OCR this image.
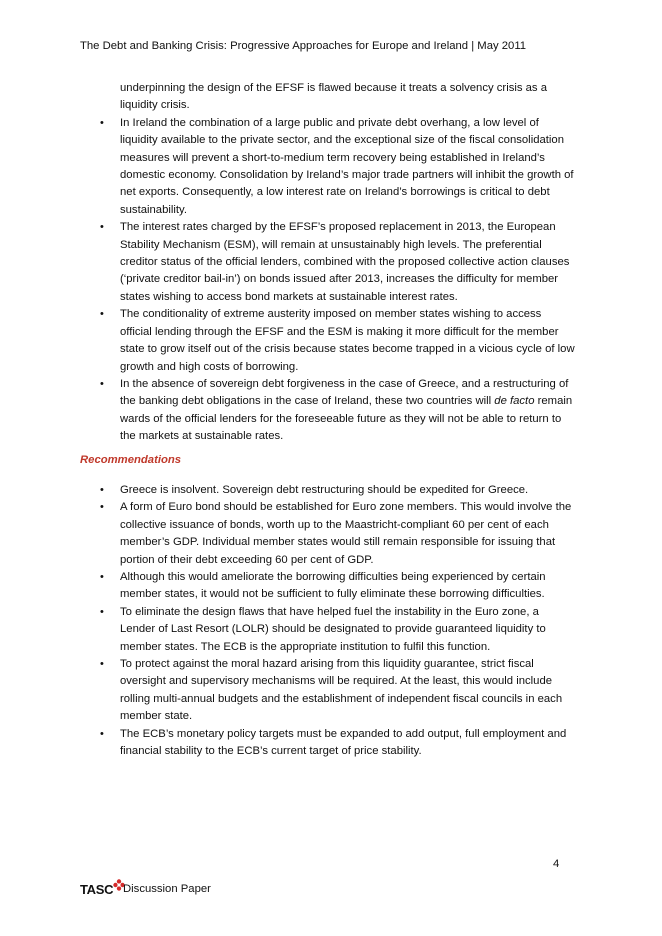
The Debt and Banking Crisis: Progressive Approaches for Europe and Ireland | May 2011
underpinning the design of the EFSF is flawed because it treats a solvency crisis as a liquidity crisis.
• In Ireland the combination of a large public and private debt overhang, a low level of liquidity available to the private sector, and the exceptional size of the fiscal consolidation measures will prevent a short-to-medium term recovery being established in Ireland’s domestic economy. Consolidation by Ireland’s major trade partners will inhibit the growth of net exports. Consequently, a low interest rate on Ireland’s borrowings is critical to debt sustainability.
• The interest rates charged by the EFSF’s proposed replacement in 2013, the European Stability Mechanism (ESM), will remain at unsustainably high levels. The preferential creditor status of the official lenders, combined with the proposed collective action clauses (‘private creditor bail-in’) on bonds issued after 2013, increases the difficulty for member states wishing to access bond markets at sustainable interest rates.
• The conditionality of extreme austerity imposed on member states wishing to access official lending through the EFSF and the ESM is making it more difficult for the member state to grow itself out of the crisis because states become trapped in a vicious cycle of low growth and high costs of borrowing.
• In the absence of sovereign debt forgiveness in the case of Greece, and a restructuring of the banking debt obligations in the case of Ireland, these two countries will de facto remain wards of the official lenders for the foreseeable future as they will not be able to return to the markets at sustainable rates.
Recommendations
• Greece is insolvent. Sovereign debt restructuring should be expedited for Greece.
• A form of Euro bond should be established for Euro zone members. This would involve the collective issuance of bonds, worth up to the Maastricht-compliant 60 per cent of each member’s GDP. Individual member states would still remain responsible for issuing that portion of their debt exceeding 60 per cent of GDP.
• Although this would ameliorate the borrowing difficulties being experienced by certain member states, it would not be sufficient to fully eliminate these borrowing difficulties.
• To eliminate the design flaws that have helped fuel the instability in the Euro zone, a Lender of Last Resort (LOLR) should be designated to provide guaranteed liquidity to member states. The ECB is the appropriate institution to fulfil this function.
• To protect against the moral hazard arising from this liquidity guarantee, strict fiscal oversight and supervisory mechanisms will be required. At the least, this would include rolling multi-annual budgets and the establishment of independent fiscal councils in each member state.
• The ECB’s monetary policy targets must be expanded to add output, full employment and financial stability to the ECB’s current target of price stability.
4
TASC Discussion Paper
